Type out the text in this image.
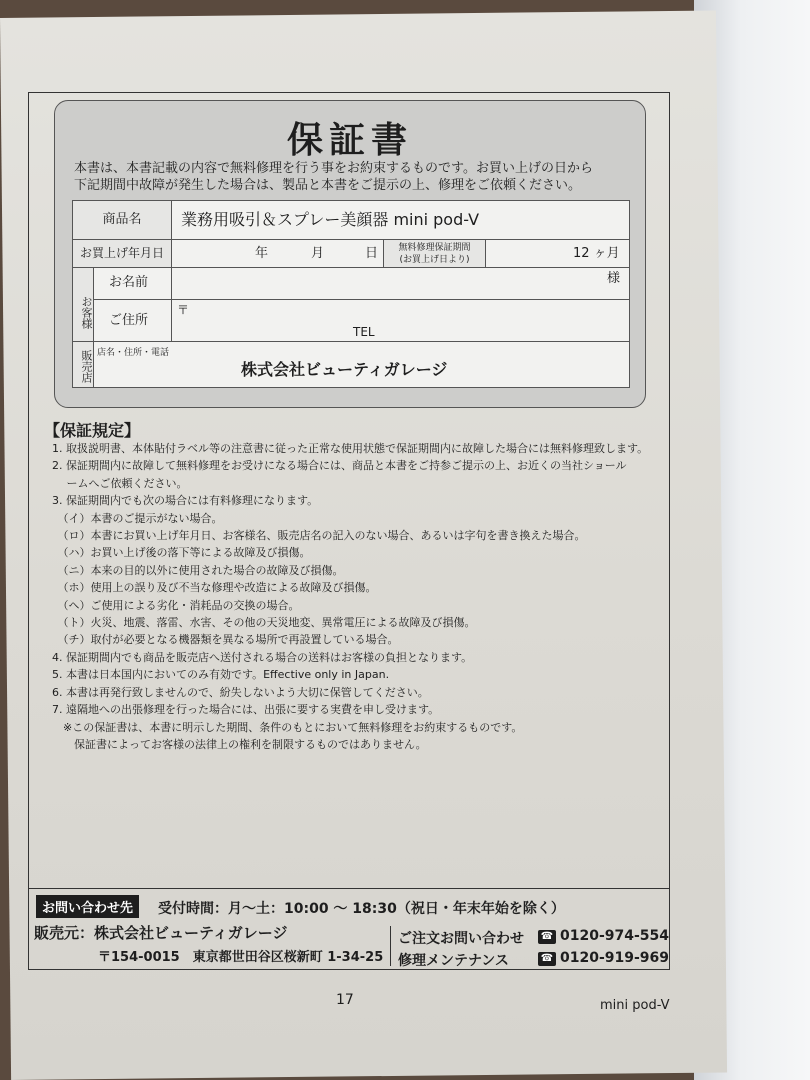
保証書
本書は、本書記載の内容で無料修理を行う事をお約束するものです。お買い上げの日から
下記期間中故障が発生した場合は、製品と本書をご提示の上、修理をご依頼ください。
商品名	業務用吸引＆スプレー美顔器 mini pod-V
お買上げ年月日	年	月	日	無料修理保証期間
(お買上げ日より)	12 ヶ月
お客様
お名前	様
ご住所
〒
TEL
販売店 店名・住所・電話
株式会社ビューティガレージ
【保証規定】
1. 取扱説明書、本体貼付ラベル等の注意書に従った正常な使用状態で保証期間内に故障した場合には無料修理致します。
2. 保証期間内に故障して無料修理をお受けになる場合には、商品と本書をご持参ご提示の上、お近くの当社ショール
　 ームへご依頼ください。
3. 保証期間内でも次の場合には有料修理になります。
　（イ）本書のご提示がない場合。
　（ロ）本書にお買い上げ年月日、お客様名、販売店名の記入のない場合、あるいは字句を書き換えた場合。
　（ハ）お買い上げ後の落下等による故障及び損傷。
　（ニ）本来の目的以外に使用された場合の故障及び損傷。
　（ホ）使用上の誤り及び不当な修理や改造による故障及び損傷。
　（ヘ）ご使用による劣化・消耗品の交換の場合。
　（ト）火災、地震、落雷、水害、その他の天災地変、異常電圧による故障及び損傷。
　（チ）取付が必要となる機器類を異なる場所で再設置している場合。
4. 保証期間内でも商品を販売店へ送付される場合の送料はお客様の負担となります。
5. 本書は日本国内においてのみ有効です。Effective only in Japan.
6. 本書は再発行致しませんので、紛失しないよう大切に保管してください。
7. 遠隔地への出張修理を行った場合には、出張に要する実費を申し受けます。
　※この保証書は、本書に明示した期間、条件のもとにおいて無料修理をお約束するものです。
　　保証書によってお客様の法律上の権利を制限するものではありません。
お問い合わせ先	受付時間：月～土：10:00 ～ 18:30（祝日・年末年始を除く）
販売元：株式会社ビューティガレージ
〒154-0015　東京都世田谷区桜新町 1-34-25
ご注文お問い合わせ ☎ 0120-974-554
修理メンテナンス	☎ 0120-919-969
17	mini pod-V
